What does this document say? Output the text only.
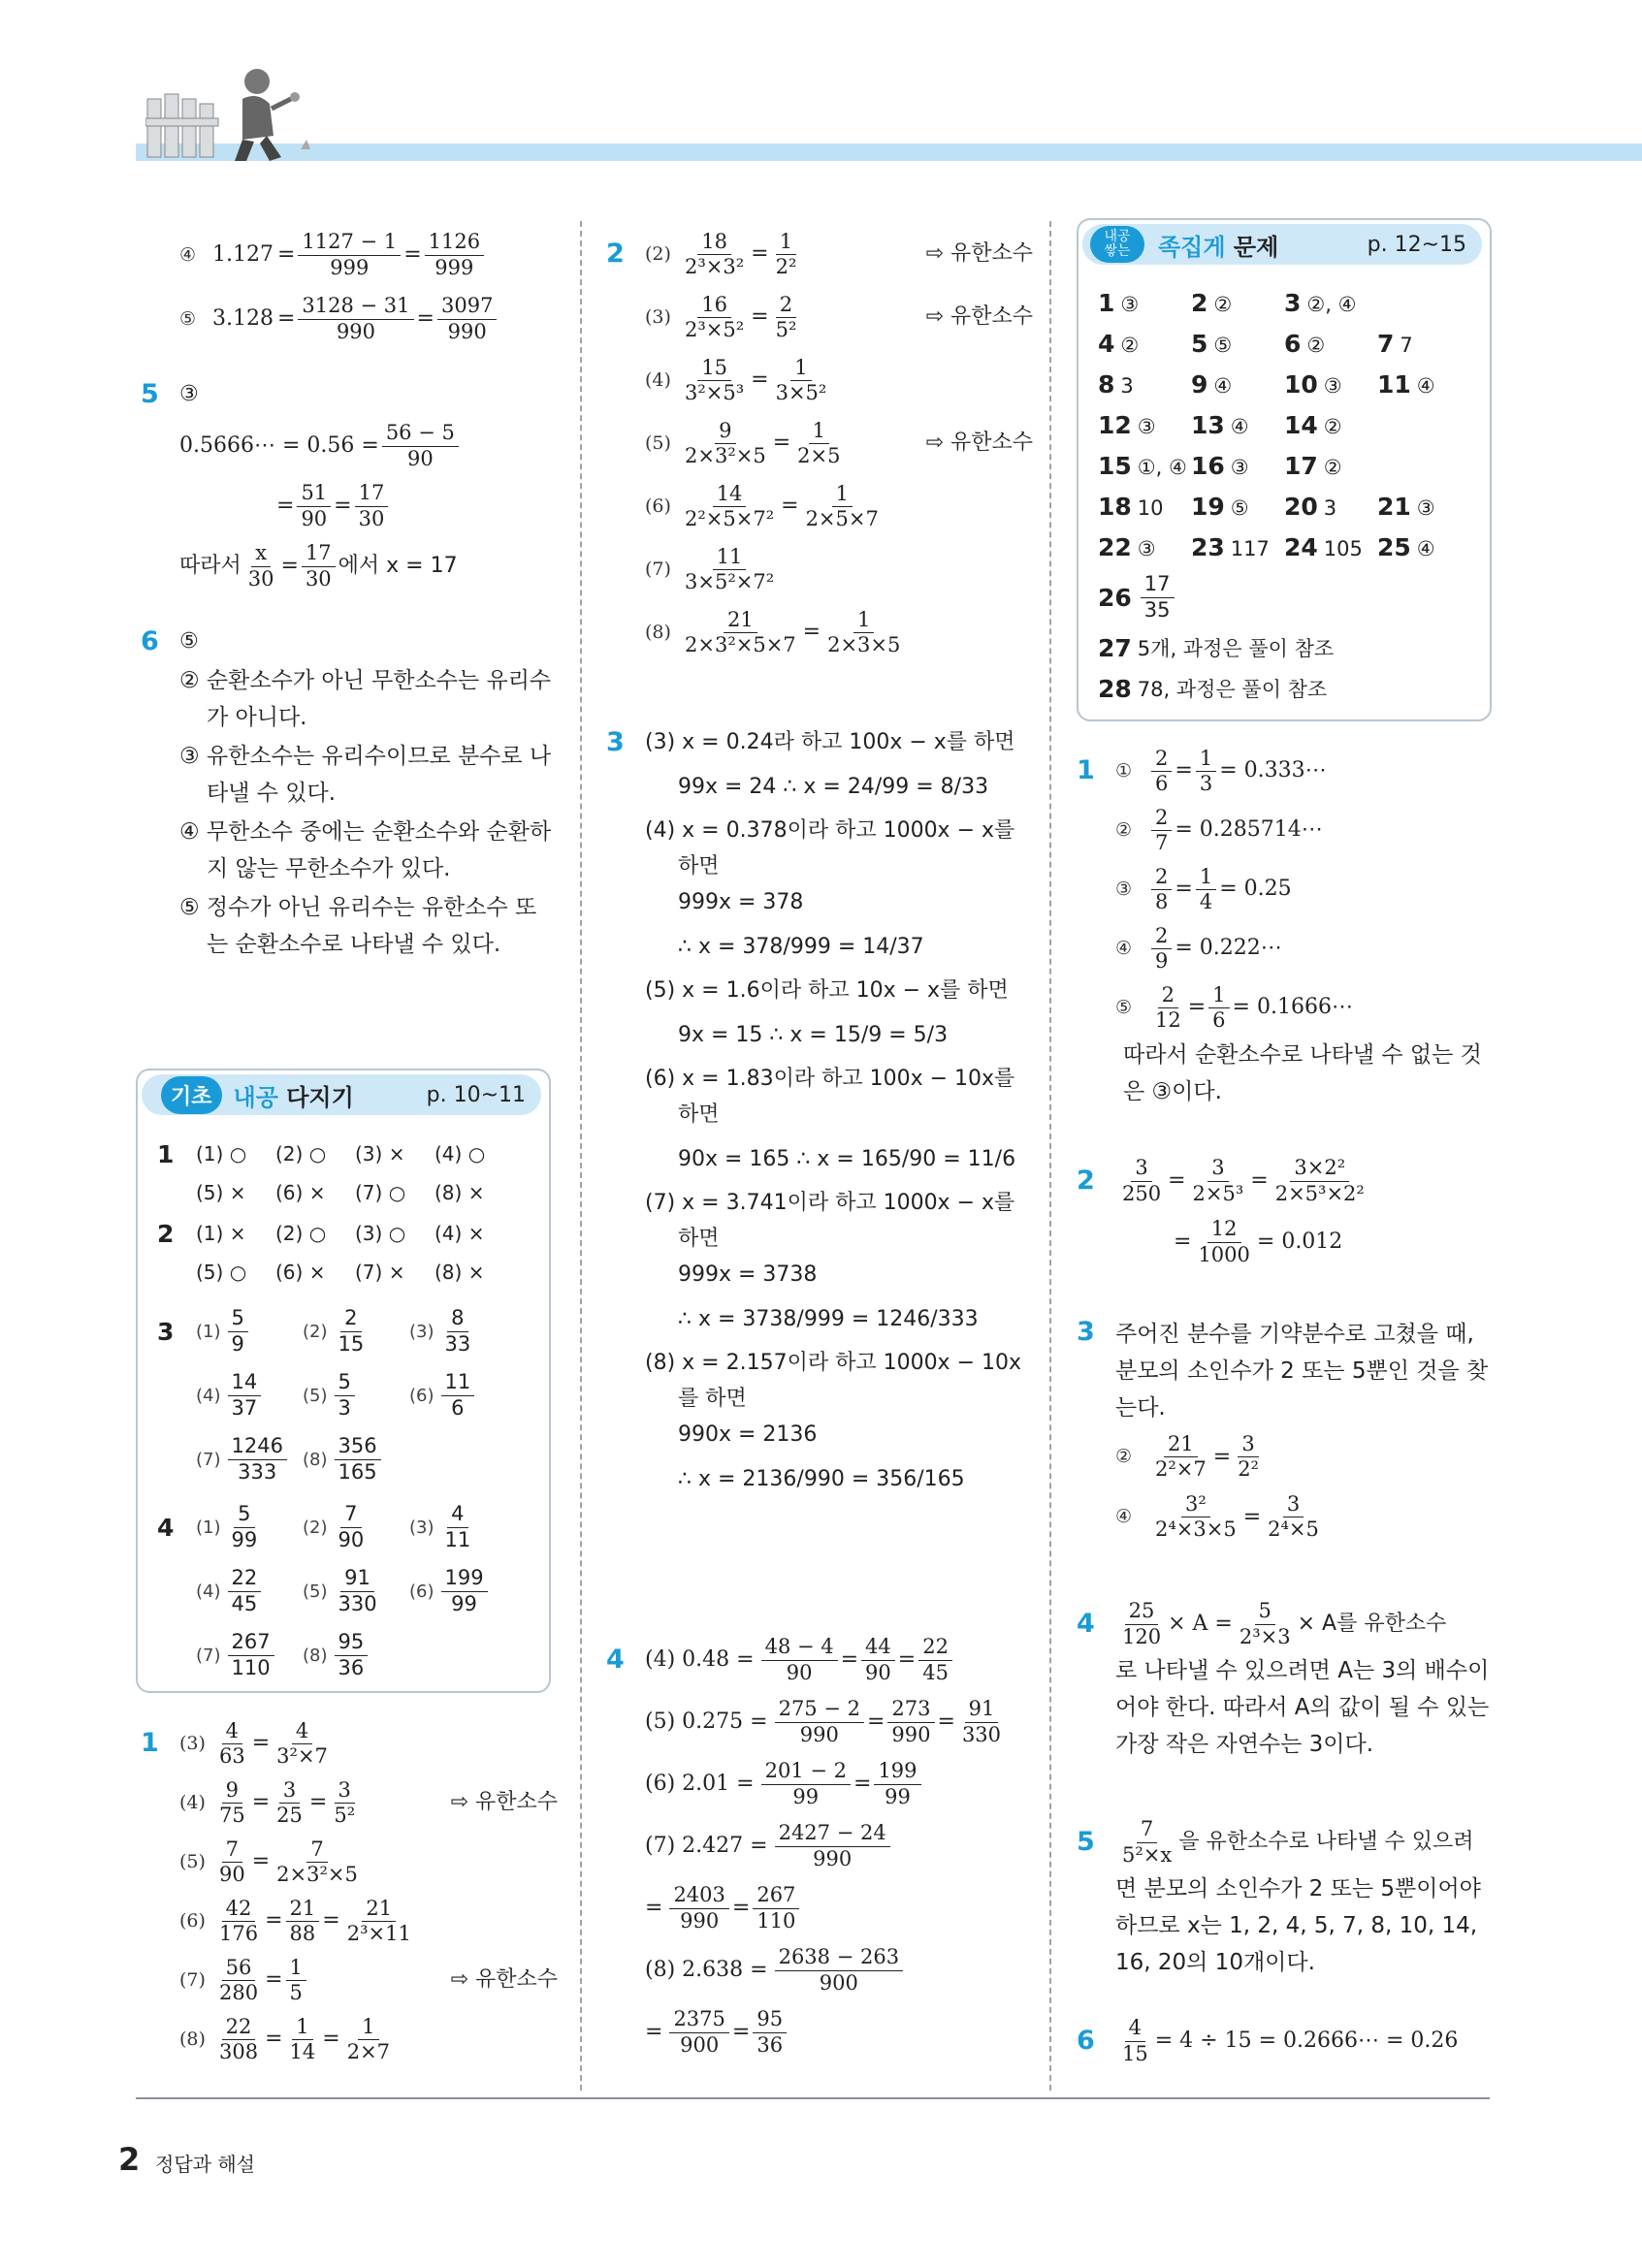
2 정답과 해설
④ $1.127 = \frac{1127 - 1}{999} = \frac{1126}{999}$
⑤ $3.128 = \frac{3128 - 31}{990} = \frac{3097}{990}$
5 ③
0.5666⋯ = $0.56 = \frac{56 - 5}{90}$
= $\frac{51}{90} = \frac{17}{30}$
따라서 $\frac{x}{30} = \frac{17}{30}$ 에서 x = 17
6 ⑤
② 순환소수가 아닌 무한소수는 유리수가 아니다.
③ 유한소수는 유리수이므로 분수로 나타낼 수 있다.
④ 무한소수 중에는 순환소수와 순환하지 않는 무한소수가 있다.
⑤ 정수가 아닌 유리수는 유한소수 또는 순환소수로 나타낼 수 있다.
기초 내공 다지기	p. 10~11
1	(1) ○	(2) ○	(3) ×	(4) ○
(5) ×	(6) ×	(7) ○	(8) ×
2	(1) ×	(2) ○	(3) ○	(4) ×
(5) ○	(6) ×	(7) ×	(8) ×
3	$(1) \frac{5}{9}$	$(2) \frac{2}{15} (3) \frac{8}{33}$
$(4) \frac{14}{37} (5) \frac{5}{3}$	$(6) \frac{11}{6}$
$(7) \frac{1246}{333} (8) \frac{356}{165}$
4	$(1) \frac{5}{99} (2) \frac{7}{90} (3) \frac{4}{11}$
$(4) \frac{22}{45} (5) \frac{91}{330} (6) \frac{199}{99}$
$(7) \frac{267}{110} (8) \frac{95}{36}$
1 $(3) \frac{4}{63} = \frac{4}{\text{3²×7}}$
$(4) \frac{9}{75} = \frac{3}{25} = \frac{3}{\text{5²}}$	⇨ 유한소수
$(5) \frac{7}{90} = \frac{7}{\text{2×3²×5}}$
$(6) \frac{42}{176} = \frac{21}{88} = \frac{21}{\text{2³×11}}$
$(7) \frac{56}{280} = \frac{1}{5}$	⇨ 유한소수
$(8) \frac{22}{308} = \frac{1}{14} = \frac{1}{2\times 7}$
2 $(2) \frac{18}{\text{2³×3²}} = \frac{1}{\text{2²}}$	⇨ 유한소수
$(3) \frac{16}{\text{2³×5²}} = \frac{2}{\text{5²}}$	⇨ 유한소수
$(4) \frac{15}{\text{3²×5³}} = \frac{1}{\text{3×5²}}$
$(5) \frac{9}{\text{2×3²×5}} = \frac{1}{2\times 5}$	⇨ 유한소수
$(6) \frac{14}{\text{2²×5×7²}} = \frac{1}{2\times 5\times 7}$
$(7) \frac{11}{\text{3×5²×7²}}$
$(8) \frac{21}{\text{2×3²×5×7}} = \frac{1}{2\times 3\times 5}$
3 (3) x = 0.24라 하고 100x − x를 하면
99x = 24 ∴ x = 24/99 = 8/33
(4) x = 0.378이라 하고 1000x − x를
하면
999x = 378
∴ x = 378/999 = 14/37
(5) x = 1.6이라 하고 10x − x를 하면
9x = 15 ∴ x = 15/9 = 5/3
(6) x = 1.83이라 하고 100x − 10x를
하면
90x = 165 ∴ x = 165/90 = 11/6
(7) x = 3.741이라 하고 1000x − x를
하면
999x = 3738
∴ x = 3738/999 = 1246/333
(8) x = 2.157이라 하고 1000x − 10x
를 하면
990x = 2136
∴ x = 2136/990 = 356/165
4 (4) $0.48 = \frac{48 - 4}{90} = \frac{44}{90} = \frac{22}{45}$
(5) $0.275 = \frac{275 - 2}{990} = \frac{273}{990} = \frac{91}{330}$
(6) $2.01 = \frac{201 - 2}{99} = \frac{199}{99}$
(7) $2.427 = \frac{2427 - 24}{990}$
= $\frac{2403}{990} = \frac{267}{110}$
(8) $2.638 = \frac{2638 - 263}{900}$
= $\frac{2375}{900} = \frac{95}{36}$
내공 쌓는	족집게 문제	p. 12~15
1 ③	2 ②	3 ②, ④
4 ②	5 ⑤	6 ②	7 7
8 3	9 ④	10 ③	11 ④
12 ③	13 ④	14 ②
15 ①, ④ 16 ③	17 ②
18 10	19 ⑤	20 3	21 ③
22 ③	23 117 24 105 25 ④
$26 \frac{17}{35}$
27 5개, 과정은 풀이 참조
28 78, 과정은 풀이 참조
1 ① $\frac{2}{6} = \frac{1}{3}$ = 0.333⋯
② $\frac{2}{7}$ = 0.285714⋯
③ $\frac{2}{8} = \frac{1}{4} = 0.25$
④ $\frac{2}{9}$ = 0.222⋯
⑤ $\frac{2}{12} = \frac{1}{6}$ = 0.1666⋯
따라서 순환소수로 나타낼 수 없는 것은 ③이다.
$2 \frac{3}{250} = \frac{3}{\text{2×5³}} = \frac{\text{3×2²}}{\text{2×5³×2²}}$
= $\frac{12}{1000} = 0.012$
3 주어진 분수를 기약분수로 고쳤을 때, 분모의 소인수가 2 또는 5뿐인 것을 찾는다.
② $\frac{21}{\text{2²×7}} = \frac{3}{\text{2²}}$
④ $\frac{\text{3²}}{\text{2⁴×3×5}} = \frac{3}{\text{2⁴×5}}$
$4 \frac{25}{120} \times A = \frac{5}{\text{2³×3}} \times A$를 유한소수
로 나타낼 수 있으려면 A는 3의 배수이어야 한다. 따라서 A의 값이 될 수 있는 가장 작은 자연수는 3이다.
$5 \frac{7}{\text{5²×x}}$ 을 유한소수로 나타낼 수 있으려
면 분모의 소인수가 2 또는 5뿐이어야 하므로 x는 1, 2, 4, 5, 7, 8, 10, 14, 16, 20의 10개이다.
$6 \frac{4}{15} = 4 \div 15$ = 0.2666⋯ = 0.26
